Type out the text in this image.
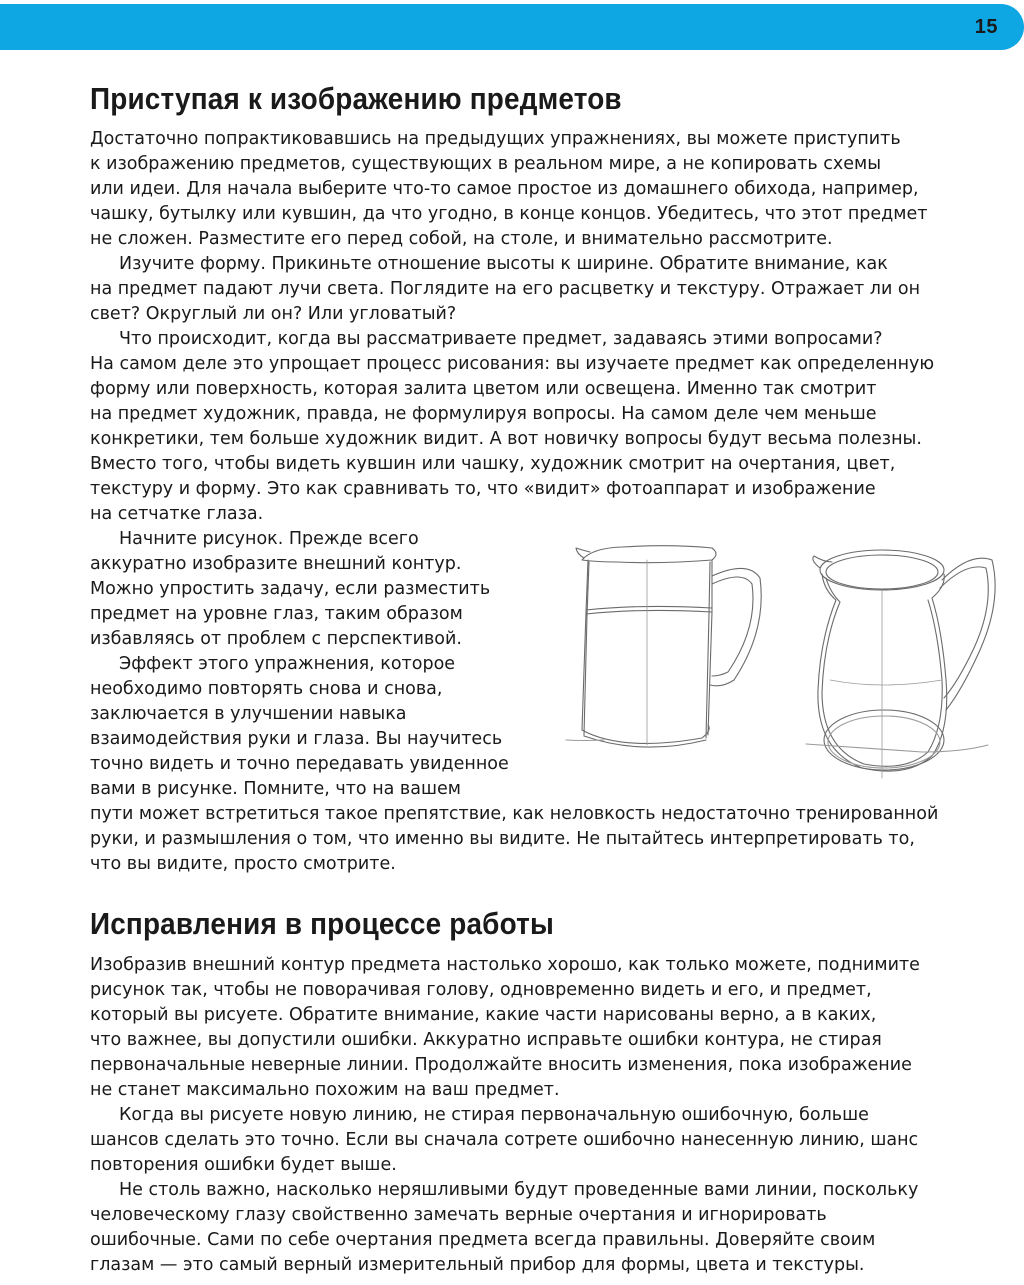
15
Приступая к изображению предметов
Достаточно попрактиковавшись на предыдущих упражнениях, вы можете приступить
к изображению предметов, существующих в реальном мире, а не копировать схемы
или идеи. Для начала выберите что-то самое простое из домашнего обихода, например,
чашку, бутылку или кувшин, да что угодно, в конце концов. Убедитесь, что этот предмет
не сложен. Разместите его перед собой, на столе, и внимательно рассмотрите.
Изучите форму. Прикиньте отношение высоты к ширине. Обратите внимание, как
на предмет падают лучи света. Поглядите на его расцветку и текстуру. Отражает ли он
свет? Округлый ли он? Или угловатый?
Что происходит, когда вы рассматриваете предмет, задаваясь этими вопросами?
На самом деле это упрощает процесс рисования: вы изучаете предмет как определенную
форму или поверхность, которая залита цветом или освещена. Именно так смотрит
на предмет художник, правда, не формулируя вопросы. На самом деле чем меньше
конкретики, тем больше художник видит. А вот новичку вопросы будут весьма полезны.
Вместо того, чтобы видеть кувшин или чашку, художник смотрит на очертания, цвет,
текстуру и форму. Это как сравнивать то, что «видит» фотоаппарат и изображение
на сетчатке глаза.
Начните рисунок. Прежде всего
аккуратно изобразите внешний контур.
Можно упростить задачу, если разместить
предмет на уровне глаз, таким образом
избавляясь от проблем с перспективой.
Эффект этого упражнения, которое
необходимо повторять снова и снова,
заключается в улучшении навыка
взаимодействия руки и глаза. Вы научитесь
точно видеть и точно передавать увиденное
вами в рисунке. Помните, что на вашем
пути может встретиться такое препятствие, как неловкость недостаточно тренированной
руки, и размышления о том, что именно вы видите. Не пытайтесь интерпретировать то,
что вы видите, просто смотрите.
Исправления в процессе работы
Изобразив внешний контур предмета настолько хорошо, как только можете, поднимите
рисунок так, чтобы не поворачивая голову, одновременно видеть и его, и предмет,
который вы рисуете. Обратите внимание, какие части нарисованы верно, а в каких,
что важнее, вы допустили ошибки. Аккуратно исправьте ошибки контура, не стирая
первоначальные неверные линии. Продолжайте вносить изменения, пока изображение
не станет максимально похожим на ваш предмет.
Когда вы рисуете новую линию, не стирая первоначальную ошибочную, больше
шансов сделать это точно. Если вы сначала сотрете ошибочно нанесенную линию, шанс
повторения ошибки будет выше.
Не столь важно, насколько неряшливыми будут проведенные вами линии, поскольку
человеческому глазу свойственно замечать верные очертания и игнорировать
ошибочные. Сами по себе очертания предмета всегда правильны. Доверяйте своим
глазам — это самый верный измерительный прибор для формы, цвета и текстуры.
